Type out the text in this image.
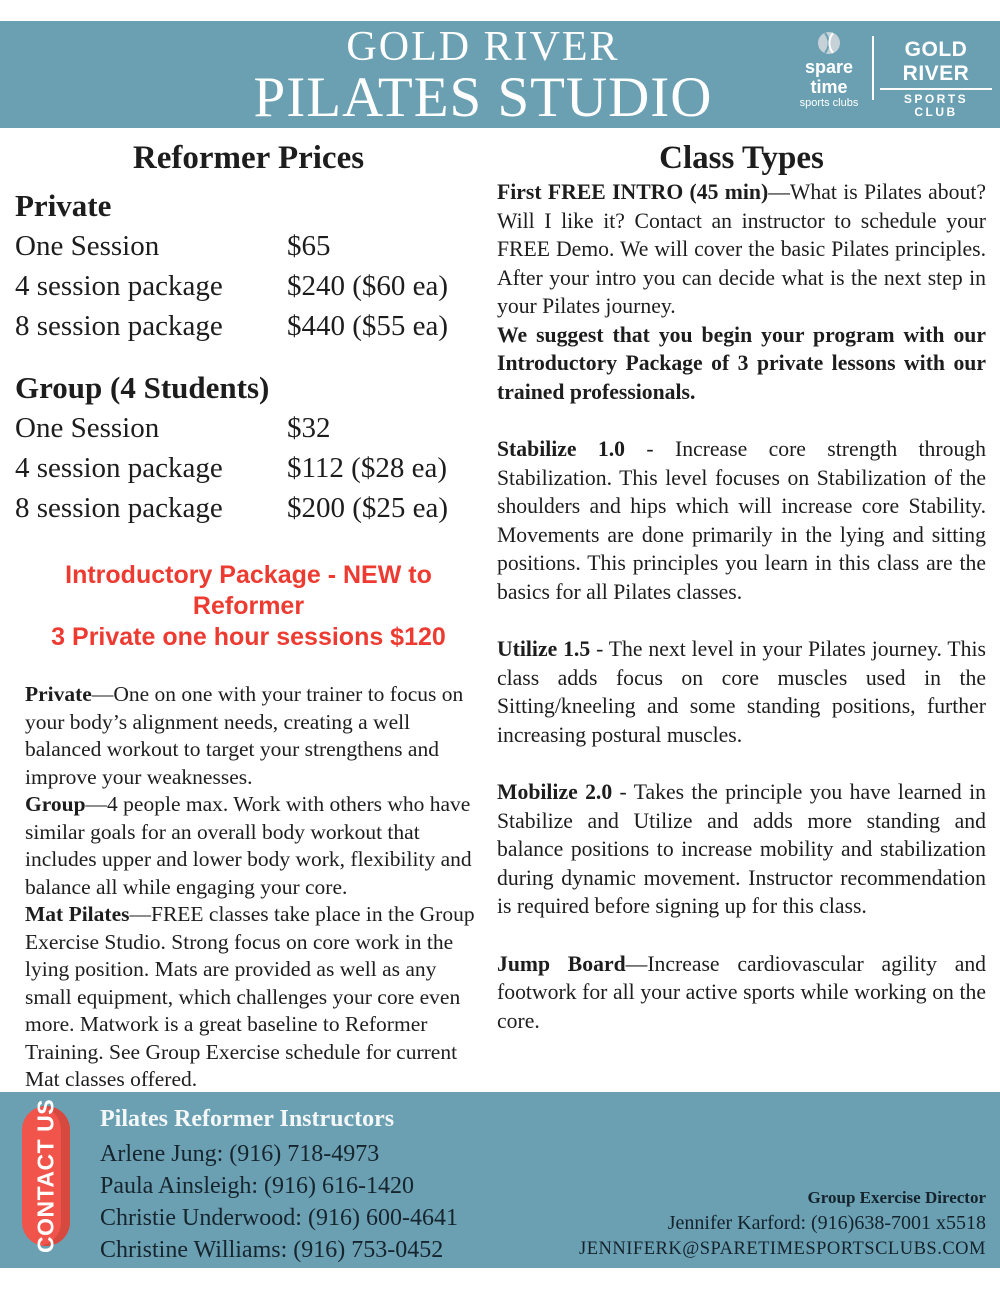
GOLD RIVER
PILATES STUDIO	spare time
sports clubs
GOLD RIVER
SPORTS CLUB
Reformer Prices
Private
One Session	$65
4 session package	$240 ($60 ea)
8 session package	$440 ($55 ea)
Group (4 Students)
One Session	$32
4 session package	$112 ($28 ea)
8 session package	$200 ($25 ea)
Introductory Package - NEW to Reformer
3 Private one hour sessions $120

Private—One on one with your trainer to focus on your body’s alignment needs, creating a well balanced workout to target your strengthens and improve your weaknesses.

Group—4 people max. Work with others who have similar goals for an overall body workout that includes upper and lower body work, flexibility and balance all while engaging your core.

Mat Pilates—FREE classes take place in the Group Exercise Studio. Strong focus on core work in the lying position. Mats are provided as well as any small equipment, which challenges your core even more. Matwork is a great baseline to Reformer Training. See Group Exercise schedule for current Mat classes offered.

Class Types

First FREE INTRO (45 min)—What is Pilates about? Will I like it? Contact an instructor to schedule your FREE Demo. We will cover the basic Pilates principles. After your intro you can decide what is the next step in your Pilates journey.

We suggest that you begin your program with our Introductory Package of 3 private lessons with our trained professionals.

Stabilize 1.0 - Increase core strength through Stabilization. This level focuses on Stabilization of the shoulders and hips which will increase core Stability. Movements are done primarily in the lying and sitting positions. This principles you learn in this class are the basics for all Pilates classes.

Utilize 1.5 - The next level in your Pilates journey. This class adds focus on core muscles used in the Sitting/kneeling and some standing positions, further increasing postural muscles.

Mobilize 2.0 - Takes the principle you have learned in Stabilize and Utilize and adds more standing and balance positions to increase mobility and stabilization during dynamic movement. Instructor recommendation is required before signing up for this class.

Jump Board—Increase cardiovascular agility and footwork for all your active sports while working on the core.

CONTACT US Pilates Reformer Instructors
Arlene Jung: (916) 718-4973
Paula Ainsleigh: (916) 616-1420
Christie Underwood: (916) 600-4641
Christine Williams: (916) 753-0452
Group Exercise Director
Jennifer Karford: (916)638-7001 x5518
JENNIFERK@SPARETIMESPORTSCLUBS.COM
